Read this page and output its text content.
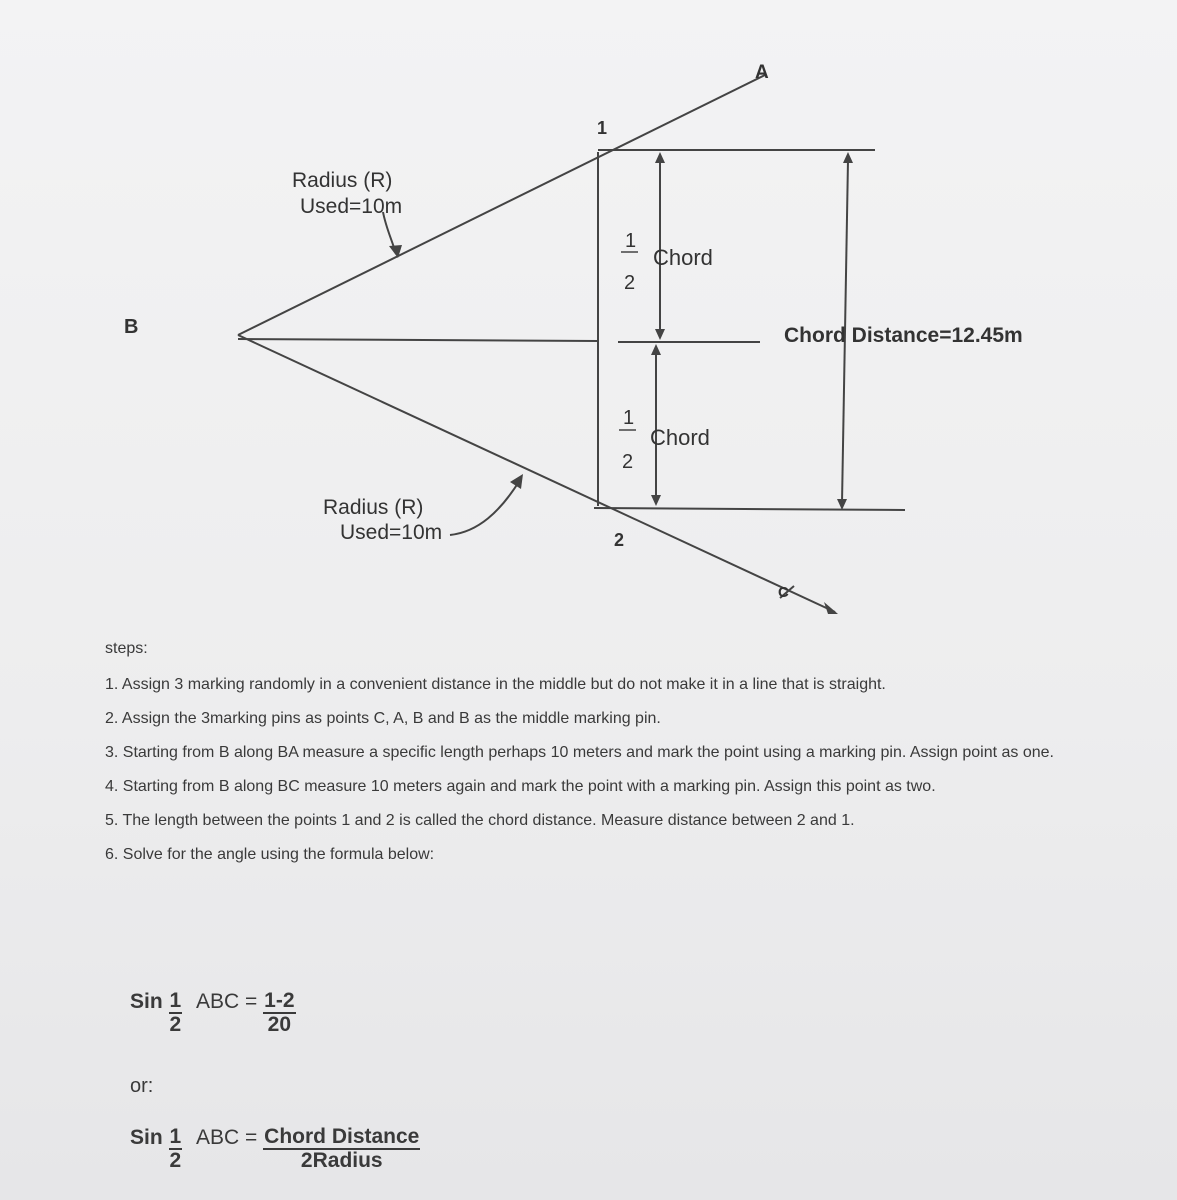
A
B
C
1
2
Radius (R)
Used=10m
Radius (R)
Used=10m
1
2
Chord
1
2
Chord
Chord Distance=12.45m
steps:
1. Assign 3 marking randomly in a convenient distance in the middle but do not make it in a line that is straight.
2. Assign the 3marking pins as points C, A, B and B as the middle marking pin.
3. Starting from B along BA measure a specific length perhaps 10 meters and mark the point using a marking pin. Assign point as one.
4. Starting from B along BC measure 10 meters again and mark the point with a marking pin. Assign this point as two.
5. The length between the points 1 and 2 is called the chord distance. Measure distance between 2 and 1.
6. Solve for the angle using the formula below:
Sin $\frac{1}{2}$ ABC = $\frac{1-2}{20}$
or:
Sin $\frac{1}{2}$ ABC = $\frac{\text{Chord Distance}}{\text{2Radius}}$
